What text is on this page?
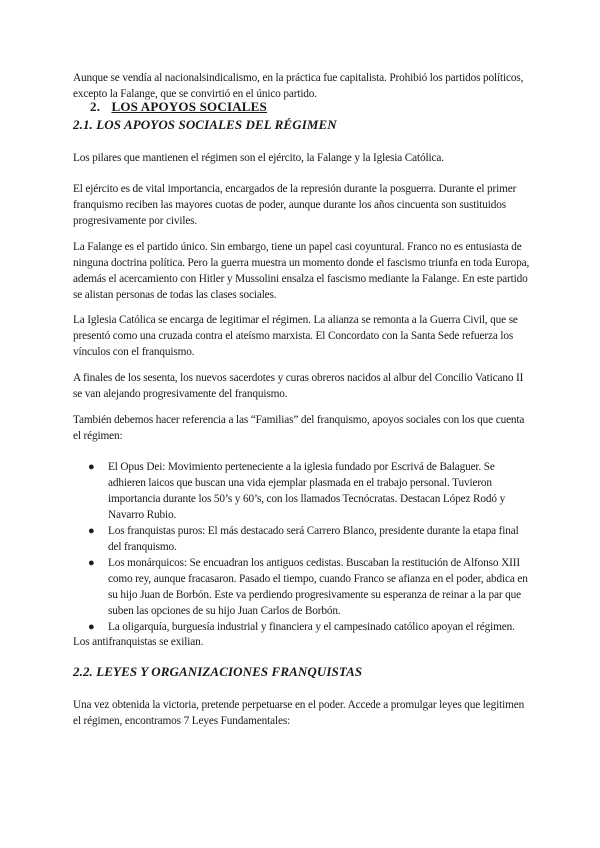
Aunque se vendía al nacionalsindicalismo, en la práctica fue capitalista. Prohibió los partidos políticos, excepto la Falange, que se convirtió en el único partido.

2. LOS APOYOS SOCIALES
2.1. LOS APOYOS SOCIALES DEL RÉGIMEN

Los pilares que mantienen el régimen son el ejército, la Falange y la Iglesia Católica.

El ejército es de vital importancia, encargados de la represión durante la posguerra. Durante el primer franquismo reciben las mayores cuotas de poder, aunque durante los años cincuenta son sustituidos progresivamente por civiles.

La Falange es el partido único. Sin embargo, tiene un papel casi coyuntural. Franco no es entusiasta de ninguna doctrina política. Pero la guerra muestra un momento donde el fascismo triunfa en toda Europa, además el acercamiento con Hitler y Mussolini ensalza el fascismo mediante la Falange. En este partido se alistan personas de todas las clases sociales.

La Iglesia Católica se encarga de legitimar el régimen. La alianza se remonta a la Guerra Civil, que se presentó como una cruzada contra el ateísmo marxista. El Concordato con la Santa Sede refuerza los vínculos con el franquismo.

A finales de los sesenta, los nuevos sacerdotes y curas obreros nacidos al albur del Concilio Vaticano II se van alejando progresivamente del franquismo.

También debemos hacer referencia a las “Familias” del franquismo, apoyos sociales con los que cuenta el régimen:

● El Opus Dei: Movimiento perteneciente a la iglesia fundado por Escrivá de Balaguer. Se adhieren laicos que buscan una vida ejemplar plasmada en el trabajo personal. Tuvieron importancia durante los 50’s y 60’s, con los llamados Tecnócratas. Destacan López Rodó y Navarro Rubio.
● Los franquistas puros: El más destacado será Carrero Blanco, presidente durante la etapa final del franquismo.
● Los monárquicos: Se encuadran los antiguos cedistas. Buscaban la restitución de Alfonso XIII como rey, aunque fracasaron. Pasado el tiempo, cuando Franco se afianza en el poder, abdica en su hijo Juan de Borbón. Este va perdiendo progresivamente su esperanza de reinar a la par que suben las opciones de su hijo Juan Carlos de Borbón.
● La oligarquía, burguesía industrial y financiera y el campesinado católico apoyan el régimen.

Los antifranquistas se exilian.

2.2. LEYES Y ORGANIZACIONES FRANQUISTAS

Una vez obtenida la victoria, pretende perpetuarse en el poder. Accede a promulgar leyes que legitimen el régimen, encontramos 7 Leyes Fundamentales:
